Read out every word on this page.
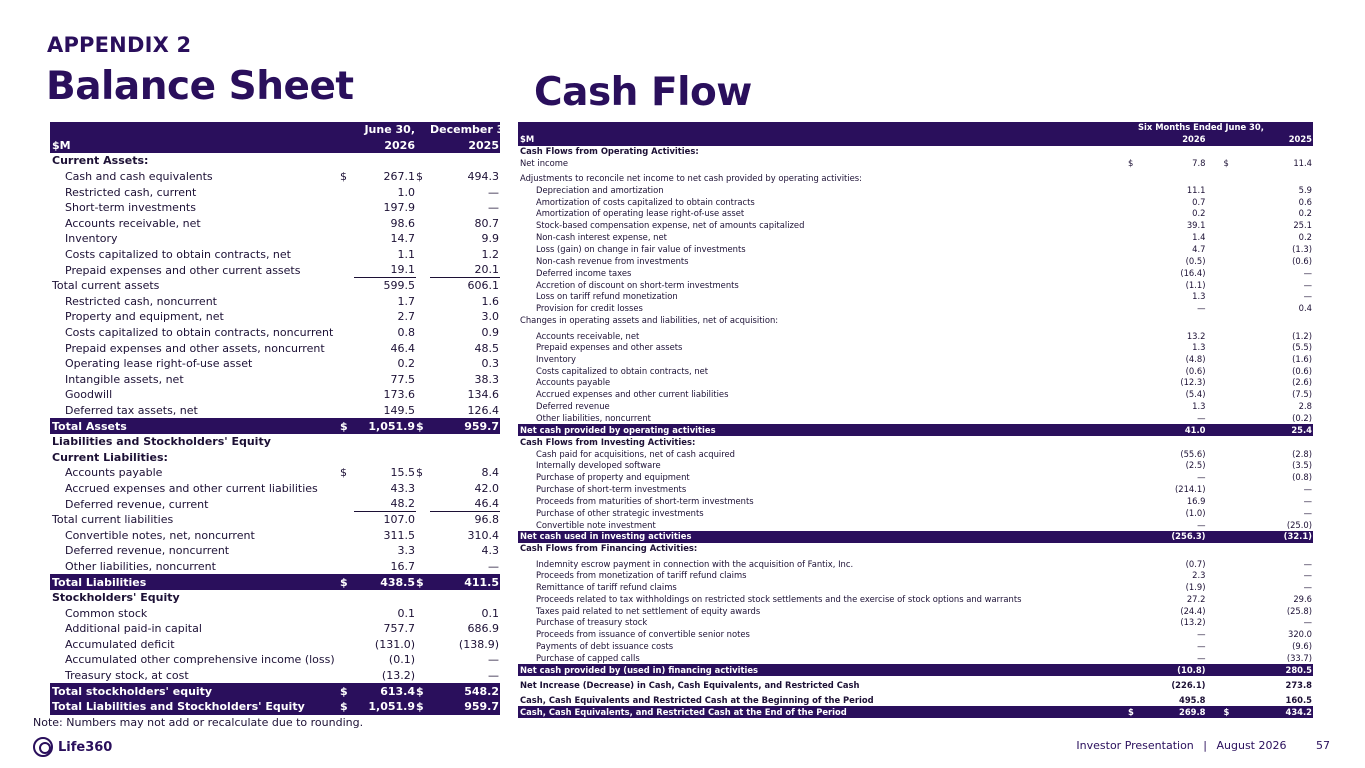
APPENDIX 2
Balance Sheet	Cash Flow
		June 30,		December 31,
$M		2026		2025
Current Assets:				
Cash and cash equivalents	$	267.1	$	494.3
Restricted cash, current		1.0		—
Short-term investments		197.9		—
Accounts receivable, net		98.6		80.7
Inventory		14.7		9.9
Costs capitalized to obtain contracts, net		1.1		1.2
Prepaid expenses and other current assets		19.1		20.1
Total current assets		599.5		606.1
Restricted cash, noncurrent		1.7		1.6
Property and equipment, net		2.7		3.0
Costs capitalized to obtain contracts, noncurrent		0.8		0.9
Prepaid expenses and other assets, noncurrent		46.4		48.5
Operating lease right-of-use asset		0.2		0.3
Intangible assets, net		77.5		38.3
Goodwill		173.6		134.6
Deferred tax assets, net		149.5		126.4
Total Assets	$	1,051.9	$	959.7
Liabilities and Stockholders' Equity				
Current Liabilities:				
Accounts payable	$	15.5	$	8.4
Accrued expenses and other current liabilities		43.3		42.0
Deferred revenue, current		48.2		46.4
Total current liabilities		107.0		96.8
Convertible notes, net, noncurrent		311.5		310.4
Deferred revenue, noncurrent		3.3		4.3
Other liabilities, noncurrent		16.7		—
Total Liabilities	$	438.5	$	411.5
Stockholders' Equity				
Common stock		0.1		0.1
Additional paid-in capital		757.7		686.9
Accumulated deficit		(131.0)		(138.9)
Accumulated other comprehensive income (loss)		(0.1)		—
Treasury stock, at cost		(13.2)		—
Total stockholders' equity	$	613.4	$	548.2
Total Liabilities and Stockholders' Equity	$	1,051.9	$	959.7
	Six Months Ended June 30,			
$M		2026		2025
Cash Flows from Operating Activities:				
Net income	$	7.8	$	11.4
Adjustments to reconcile net income to net cash provided by operating activities:				
Depreciation and amortization		11.1		5.9
Amortization of costs capitalized to obtain contracts		0.7		0.6
Amortization of operating lease right-of-use asset		0.2		0.2
Stock-based compensation expense, net of amounts capitalized		39.1		25.1
Non-cash interest expense, net		1.4		0.2
Loss (gain) on change in fair value of investments		4.7		(1.3)
Non-cash revenue from investments		(0.5)		(0.6)
Deferred income taxes		(16.4)		—
Accretion of discount on short-term investments		(1.1)		—
Loss on tariff refund monetization		1.3		—
Provision for credit losses		—		0.4
Changes in operating assets and liabilities, net of acquisition:				
Accounts receivable, net		13.2		(1.2)
Prepaid expenses and other assets		1.3		(5.5)
Inventory		(4.8)		(1.6)
Costs capitalized to obtain contracts, net		(0.6)		(0.6)
Accounts payable		(12.3)		(2.6)
Accrued expenses and other current liabilities		(5.4)		(7.5)
Deferred revenue		1.3		2.8
Other liabilities, noncurrent		—		(0.2)
Net cash provided by operating activities		41.0		25.4
Cash Flows from Investing Activities:				
Cash paid for acquisitions, net of cash acquired		(55.6)		(2.8)
Internally developed software		(2.5)		(3.5)
Purchase of property and equipment		—		(0.8)
Purchase of short-term investments		(214.1)		—
Proceeds from maturities of short-term investments		16.9		—
Purchase of other strategic investments		(1.0)		—
Convertible note investment		—		(25.0)
Net cash used in investing activities		(256.3)		(32.1)
Cash Flows from Financing Activities:				
Indemnity escrow payment in connection with the acquisition of Fantix, Inc.		(0.7)		—
Proceeds from monetization of tariff refund claims		2.3		—
Remittance of tariff refund claims		(1.9)		—
Proceeds related to tax withholdings on restricted stock settlements and the exercise of stock options and warrants		27.2		29.6
Taxes paid related to net settlement of equity awards		(24.4)		(25.8)
Purchase of treasury stock		(13.2)		—
Proceeds from issuance of convertible senior notes		—		320.0
Payments of debt issuance costs		—		(9.6)
Purchase of capped calls		—		(33.7)
Net cash provided by (used in) financing activities		(10.8)		280.5
Net Increase (Decrease) in Cash, Cash Equivalents, and Restricted Cash		(226.1)		273.8
Cash, Cash Equivalents and Restricted Cash at the Beginning of the Period		495.8		160.5
Cash, Cash Equivalents, and Restricted Cash at the End of the Period	$	269.8	$	434.2
Note: Numbers may not add or recalculate due to rounding.
Life360	Investor Presentation | August 2026	57
